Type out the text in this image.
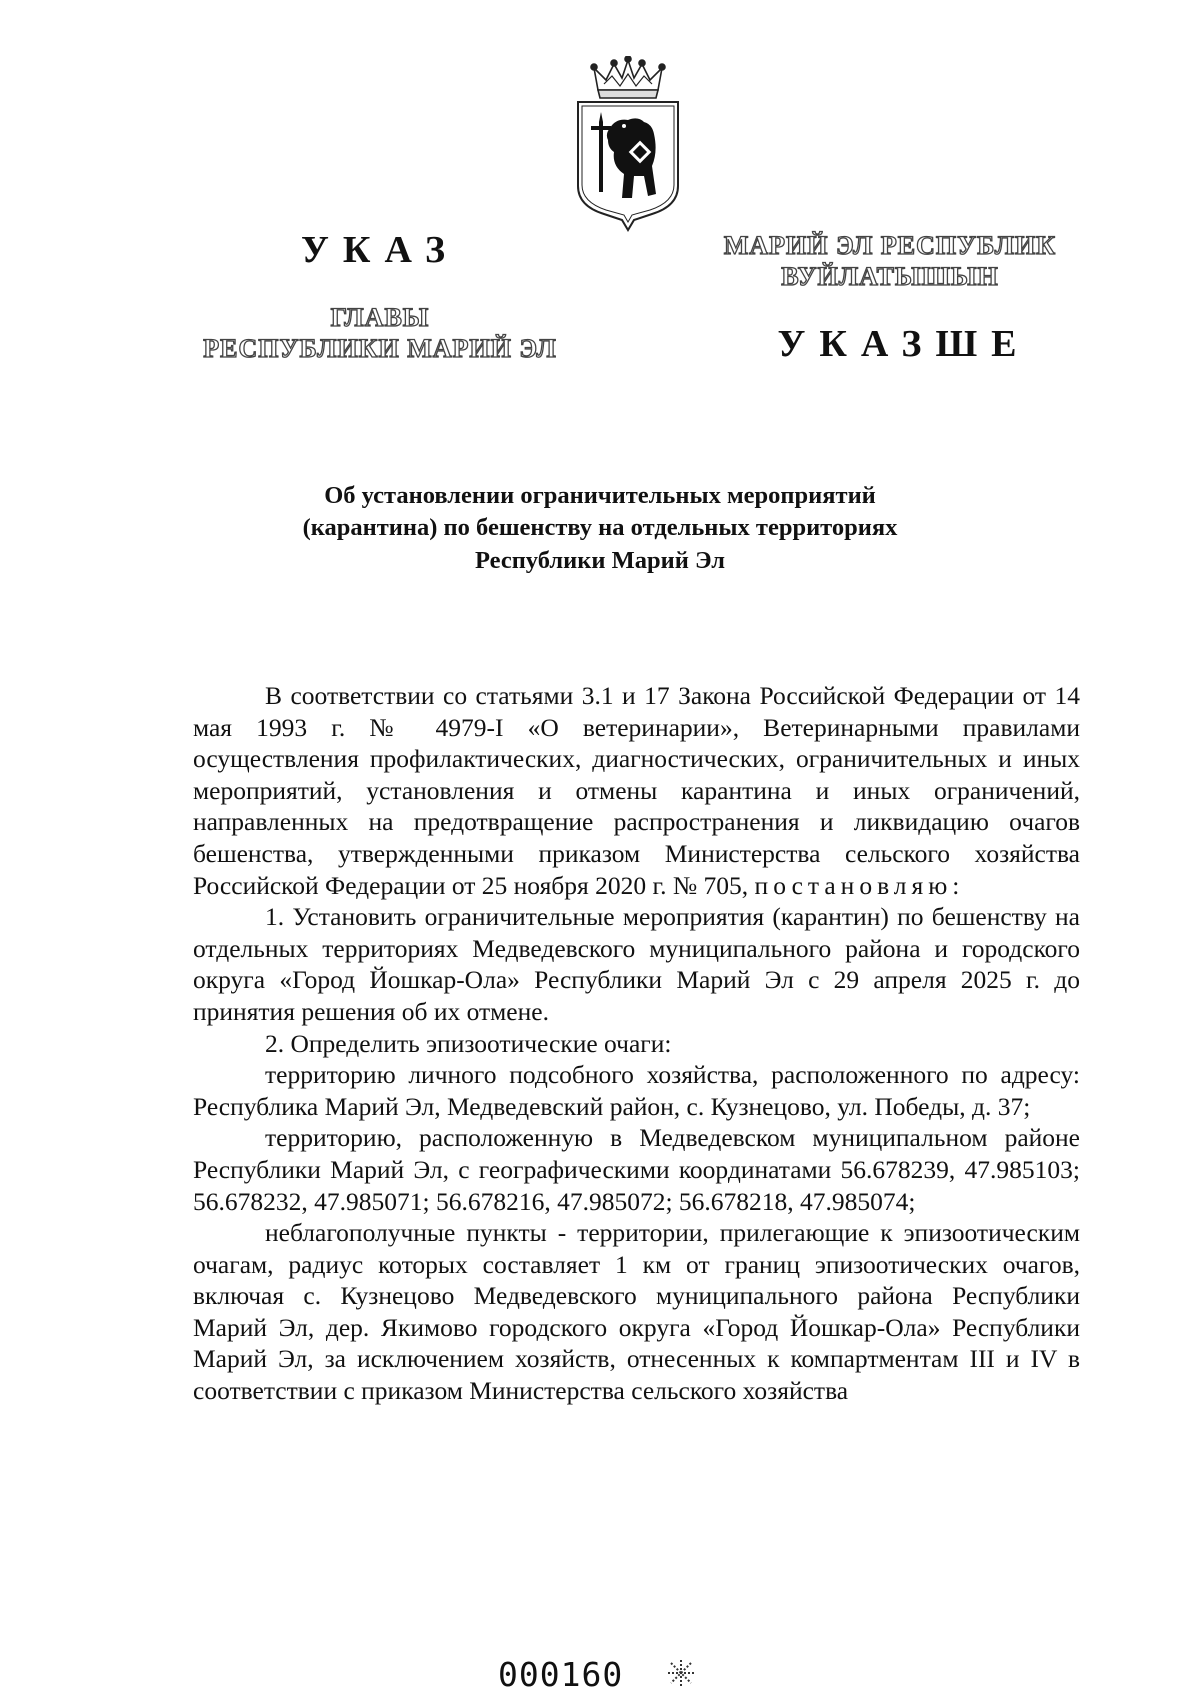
УКАЗ
ГЛАВЫ
РЕСПУБЛИКИ МАРИЙ ЭЛ
МАРИЙ ЭЛ РЕСПУБЛИК
ВУЙЛАТЫШЫН
УКАЗШЕ
Об установлении ограничительных мероприятий
(карантина) по бешенству на отдельных территориях
Республики Марий Эл

В соответствии со статьями 3.1 и 17 Закона Российской Федерации от 14 мая 1993 г. № 4979-I «О ветеринарии», Ветеринарными правилами осуществления профилактических, диагностических, ограничительных и иных мероприятий, установления и отмены карантина и иных ограничений, направленных на предотвращение распространения и ликвидацию очагов бешенства, утвержденными приказом Министерства сельского хозяйства Российской Федерации от 25 ноября 2020 г. № 705, постановляю:

1. Установить ограничительные мероприятия (карантин) по бешенству на отдельных территориях Медведевского муниципального района и городского округа «Город Йошкар-Ола» Республики Марий Эл с 29 апреля 2025 г. до принятия решения об их отмене.

2. Определить эпизоотические очаги:

территорию личного подсобного хозяйства, расположенного по адресу: Республика Марий Эл, Медведевский район, с. Кузнецово, ул. Победы, д. 37;

территорию, расположенную в Медведевском муниципальном районе Республики Марий Эл, с географическими координатами 56.678239, 47.985103; 56.678232, 47.985071; 56.678216, 47.985072; 56.678218, 47.985074;

неблагополучные пункты - территории, прилегающие к эпизоотическим очагам, радиус которых составляет 1 км от границ эпизоотических очагов, включая с. Кузнецово Медведевского муниципального района Республики Марий Эл, дер. Якимово городского округа «Город Йошкар-Ола» Республики Марий Эл, за исключением хозяйств, отнесенных к компартментам III и IV в соответствии с приказом Министерства сельского хозяйства

000160
